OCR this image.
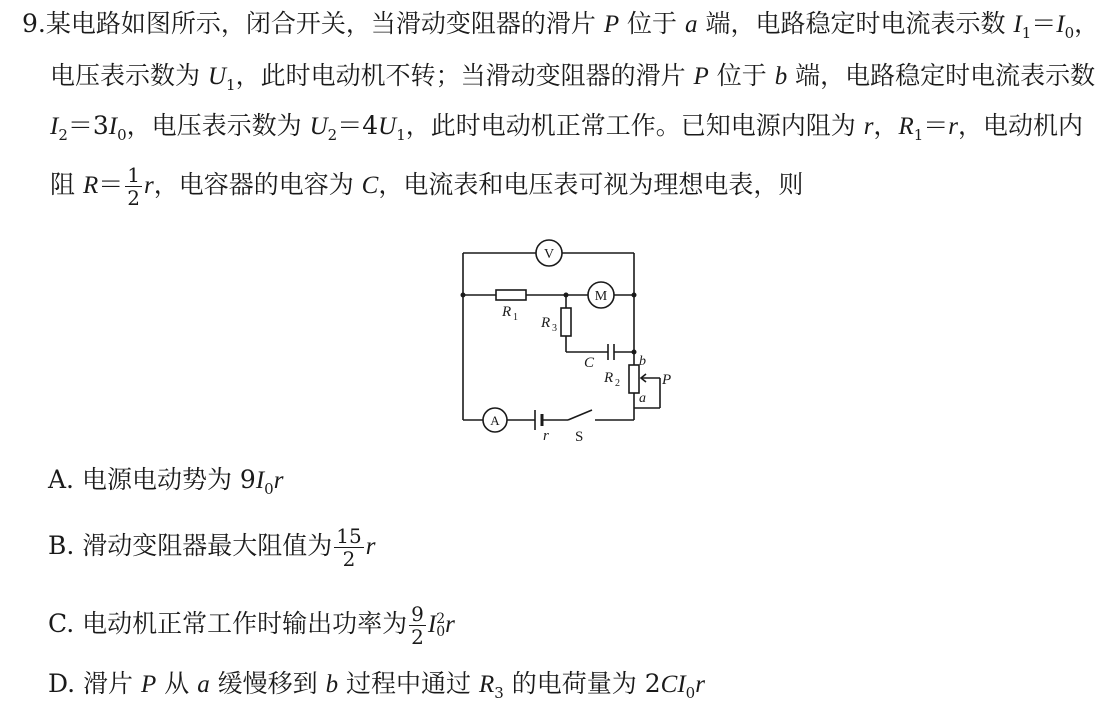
9.某电路如图所示，闭合开关，当滑动变阻器的滑片 P 位于 a 端，电路稳定时电流表示数 $I_1=I_0$，
电压表示数为 $U_1$，此时电动机不转；当滑动变阻器的滑片 P 位于 b 端，电路稳定时电流表示数
$I_2=3I_0$，电压表示数为 $U_2=4U_1$，此时电动机正常工作。已知电源内阻为 r，$R_1=r$，电动机内
阻 $R= \frac{1}{2}$ r，电容器的电容为 C，电流表和电压表可视为理想电表，则
V
M
A
R 1 R 3
C
R 2
b
a
P
r S
A. 电源电动势为 $9I_0r$
B. 滑动变阻器最大阻值为 $\frac{15}{2}$ r
C. 电动机正常工作时输出功率为 $\frac{9}{2}$ I 2
0 r
D. 滑片 P 从 a 缓慢移到 b 过程中通过 $R_3$ 的电荷量为 $2CI_0r$
